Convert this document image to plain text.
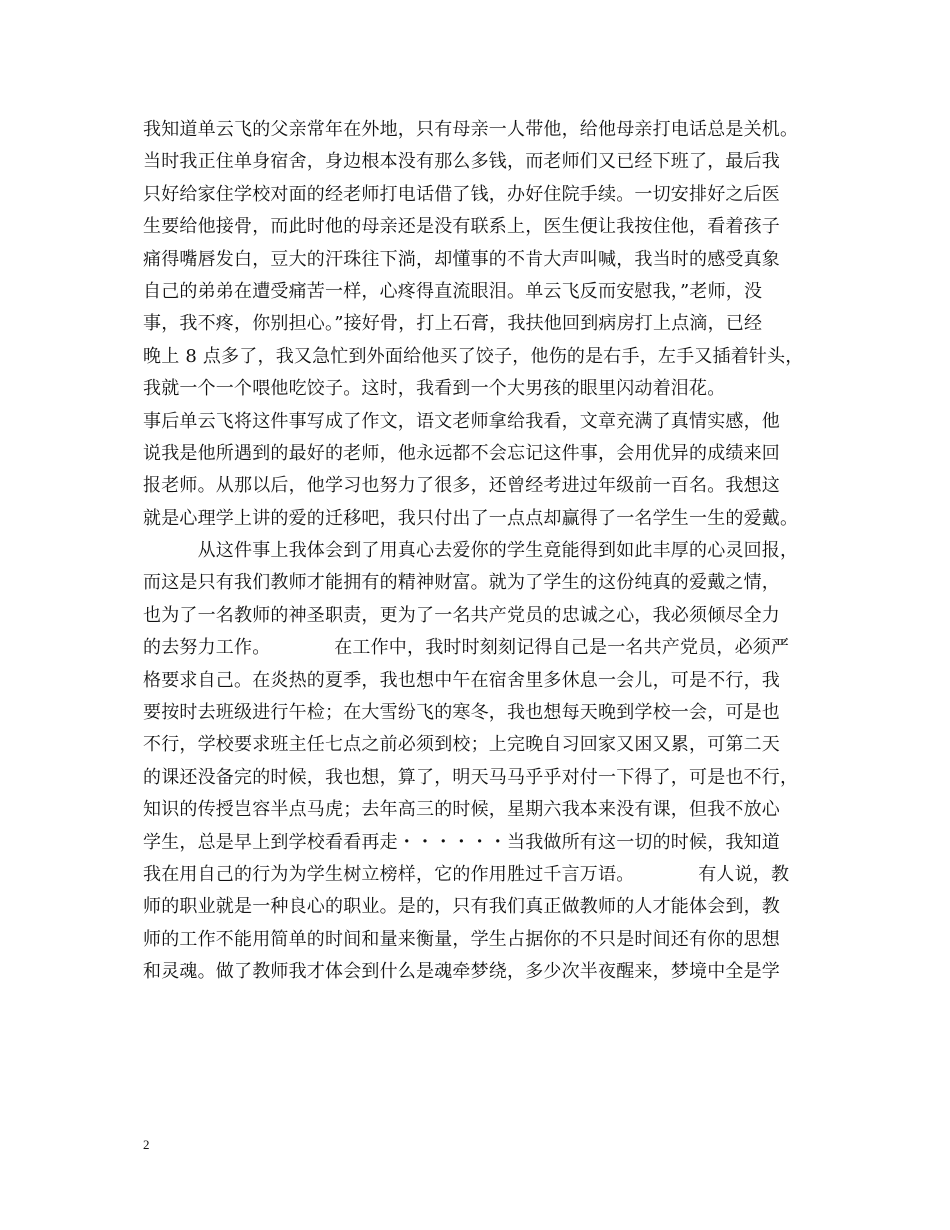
我知道单云飞的父亲常年在外地，只有母亲一人带他，给他母亲打电话总是关机。
当时我正住单身宿舍，身边根本没有那么多钱，而老师们又已经下班了，最后我
只好给家住学校对面的经老师打电话借了钱，办好住院手续。一切安排好之后医
生要给他接骨，而此时他的母亲还是没有联系上，医生便让我按住他，看着孩子
痛得嘴唇发白，豆大的汗珠往下淌，却懂事的不肯大声叫喊，我当时的感受真象
自己的弟弟在遭受痛苦一样，心疼得直流眼泪。单云飞反而安慰我，”老师，没
事，我不疼，你别担心。”接好骨，打上石膏，我扶他回到病房打上点滴，已经
晚上 8 点多了，我又急忙到外面给他买了饺子，他伤的是右手，左手又插着针头，
我就一个一个喂他吃饺子。这时，我看到一个大男孩的眼里闪动着泪花。
事后单云飞将这件事写成了作文，语文老师拿给我看，文章充满了真情实感，他
说我是他所遇到的最好的老师，他永远都不会忘记这件事，会用优异的成绩来回
报老师。从那以后，他学习也努力了很多，还曾经考进过年级前一百名。我想这
就是心理学上讲的爱的迁移吧，我只付出了一点点却赢得了一名学生一生的爱戴。
　　　从这件事上我体会到了用真心去爱你的学生竟能得到如此丰厚的心灵回报，
而这是只有我们教师才能拥有的精神财富。就为了学生的这份纯真的爱戴之情，
也为了一名教师的神圣职责，更为了一名共产党员的忠诚之心，我必须倾尽全力
的去努力工作。　　　　在工作中，我时时刻刻记得自己是一名共产党员，必须严
格要求自己。在炎热的夏季，我也想中午在宿舍里多休息一会儿，可是不行，我
要按时去班级进行午检；在大雪纷飞的寒冬，我也想每天晚到学校一会，可是也
不行，学校要求班主任七点之前必须到校；上完晚自习回家又困又累，可第二天
的课还没备完的时候，我也想，算了，明天马马乎乎对付一下得了，可是也不行，
知识的传授岂容半点马虎；去年高三的时候，星期六我本来没有课，但我不放心
学生，总是早上到学校看看再走・・・・・・当我做所有这一切的时候，我知道
我在用自己的行为为学生树立榜样，它的作用胜过千言万语。　　　　有人说，教
师的职业就是一种良心的职业。是的，只有我们真正做教师的人才能体会到，教
师的工作不能用简单的时间和量来衡量，学生占据你的不只是时间还有你的思想
和灵魂。做了教师我才体会到什么是魂牵梦绕，多少次半夜醒来，梦境中全是学
2
